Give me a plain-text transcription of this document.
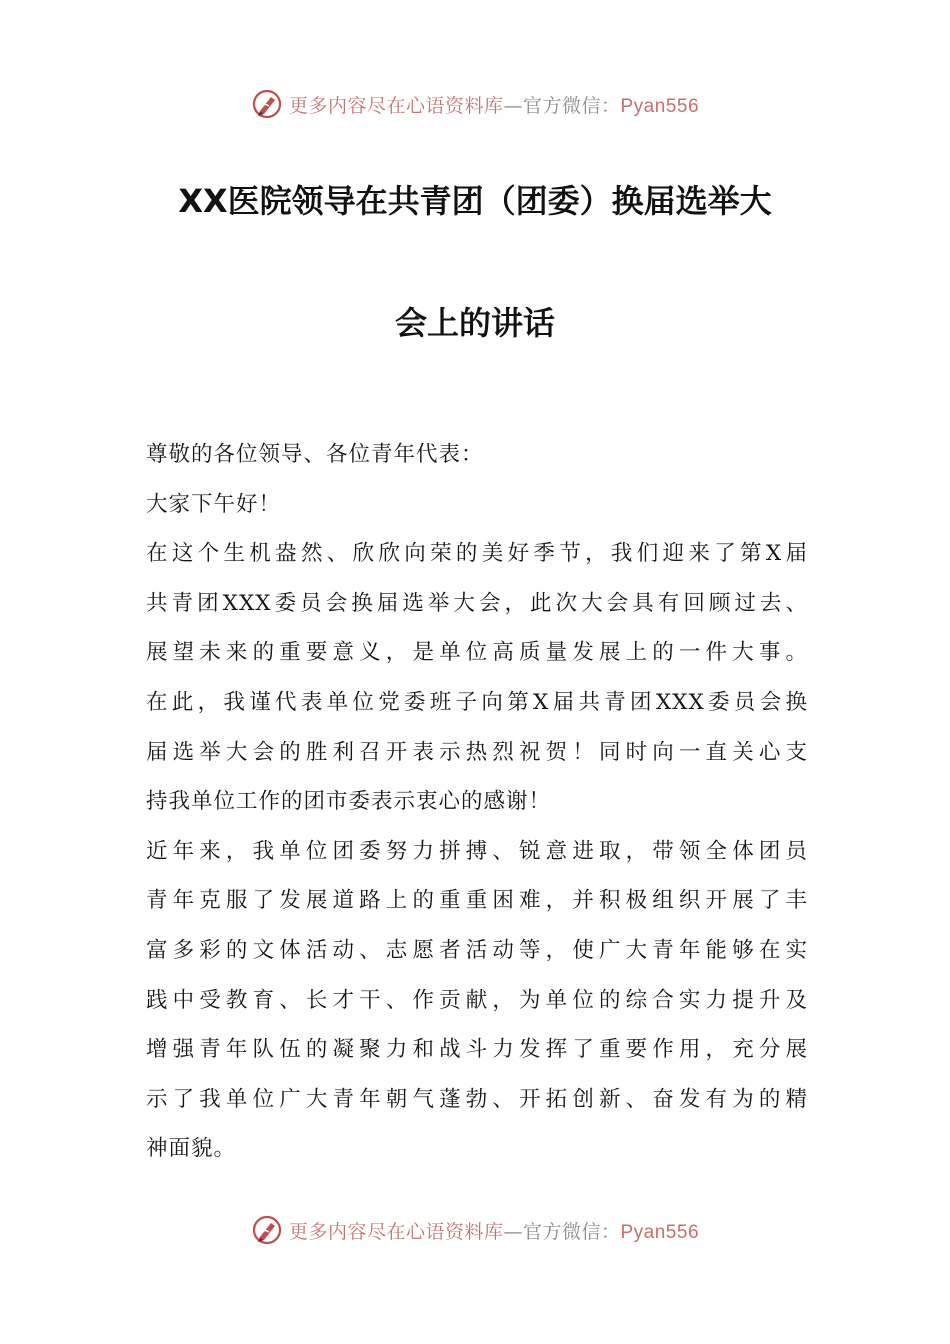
更多内容尽在心语资料库—官方微信：Pyan556
XX医院领导在共青团（团委）换届选举大
会上的讲话
尊敬的各位领导、各位青年代表：
大家下午好！
在这个生机盎然、欣欣向荣的美好季节，我们迎来了第X届
共青团XXX委员会换届选举大会，此次大会具有回顾过去、
展望未来的重要意义，是单位高质量发展上的一件大事。
在此，我谨代表单位党委班子向第X届共青团XXX委员会换
届选举大会的胜利召开表示热烈祝贺！同时向一直关心支
持我单位工作的团市委表示衷心的感谢！
近年来，我单位团委努力拼搏、锐意进取，带领全体团员
青年克服了发展道路上的重重困难，并积极组织开展了丰
富多彩的文体活动、志愿者活动等，使广大青年能够在实
践中受教育、长才干、作贡献，为单位的综合实力提升及
增强青年队伍的凝聚力和战斗力发挥了重要作用，充分展
示了我单位广大青年朝气蓬勃、开拓创新、奋发有为的精
神面貌。
更多内容尽在心语资料库—官方微信：Pyan556
